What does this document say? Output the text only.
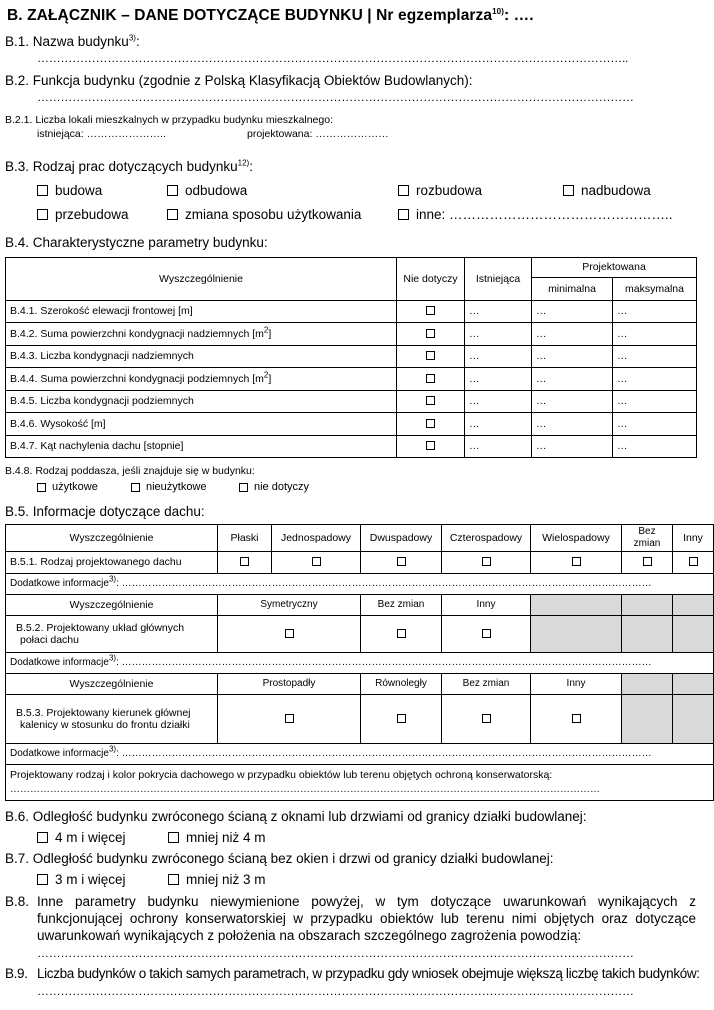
B. ZAŁĄCZNIK – DANE DOTYCZĄCE BUDYNKU | Nr egzemplarza$^{10)}$: ….
B.1. Nazwa budynku$^{3)}$:
……………………………………………………………………………………………………………………………………..
B.2. Funkcja budynku (zgodnie z Polską Klasyfikacją Obiektów Budowlanych):
………………………………………………………………………………………………………………………………………
B.2.1. Liczba lokali mieszkalnych w przypadku budynku mieszkalnego:
istniejąca: …………………..	projektowana: …………………
B.3. Rodzaj prac dotyczących budynku$^{12)}$:
budowa	odbudowa	rozbudowa	nadbudowa
przebudowa	zmiana sposobu użytkowania	inne: …………………………………………..
B.4. Charakterystyczne parametry budynku:
Wyszczególnienie	Nie dotyczy	Istniejąca	Projektowana	
			minimalna	maksymalna
B.4.1. Szerokość elewacji frontowej [m]		…	…	…
B.4.2. Suma powierzchni kondygnacji nadziemnych $[m^2]$		…	…	…
B.4.3. Liczba kondygnacji nadziemnych		…	…	…
B.4.4. Suma powierzchni kondygnacji podziemnych $[m^2]$		…	…	…
B.4.5. Liczba kondygnacji podziemnych		…	…	…
B.4.6. Wysokość [m]		…	…	…
B.4.7. Kąt nachylenia dachu [stopnie]		…	…	…
B.4.8. Rodzaj poddasza, jeśli znajduje się w budynku:
użytkowe	nieużytkowe	nie dotyczy
B.5. Informacje dotyczące dachu:
Wyszczególnienie	Płaski	Jednospadowy	Dwuspadowy	Czterospadowy	Wielospadowy	Bez zmian	Inny
B.5.1. Rodzaj projektowanego dachu							
Dodatkowe informacje$^{3)}$: ……………………………………………………………………………………………………………………………………………							
Wyszczególnienie	Symetryczny		Bez zmian	Inny			
B.5.2. Projektowany układ głównych połaci dachu							
Dodatkowe informacje$^{3)}$: ……………………………………………………………………………………………………………………………………………							
Wyszczególnienie	Prostopadły		Równoległy	Bez zmian	Inny		
B.5.3. Projektowany kierunek głównej kalenicy w stosunku do frontu działki							
Dodatkowe informacje$^{3)}$: ……………………………………………………………………………………………………………………………………………							

Projektowany rodzaj i kolor pokrycia dachowego w przypadku obiektów lub terenu objętych ochroną konserwatorską:
……………………………………………………………………………………………………………………………………………………………							
B.6. Odległość budynku zwróconego ścianą z oknami lub drzwiami od granicy działki budowlanej:
4 m i więcej	mniej niż 4 m
B.7. Odległość budynku zwróconego ścianą bez okien i drzwi od granicy działki budowlanej:
3 m i więcej	mniej niż 3 m
B.8. Inne parametry budynku niewymienione powyżej, w tym dotyczące uwarunkowań wynikających z funkcjonującej ochrony konserwatorskiej w przypadku obiektów lub terenu nimi objętych oraz dotyczące uwarunkowań wynikających z położenia na obszarach szczególnego zagrożenia powodzią:
………………………………………………………………………………………………………………………………………
B.9. Liczba budynków o takich samych parametrach, w przypadku gdy wniosek obejmuje większą liczbę takich budynków:
………………………………………………………………………………………………………………………………………
